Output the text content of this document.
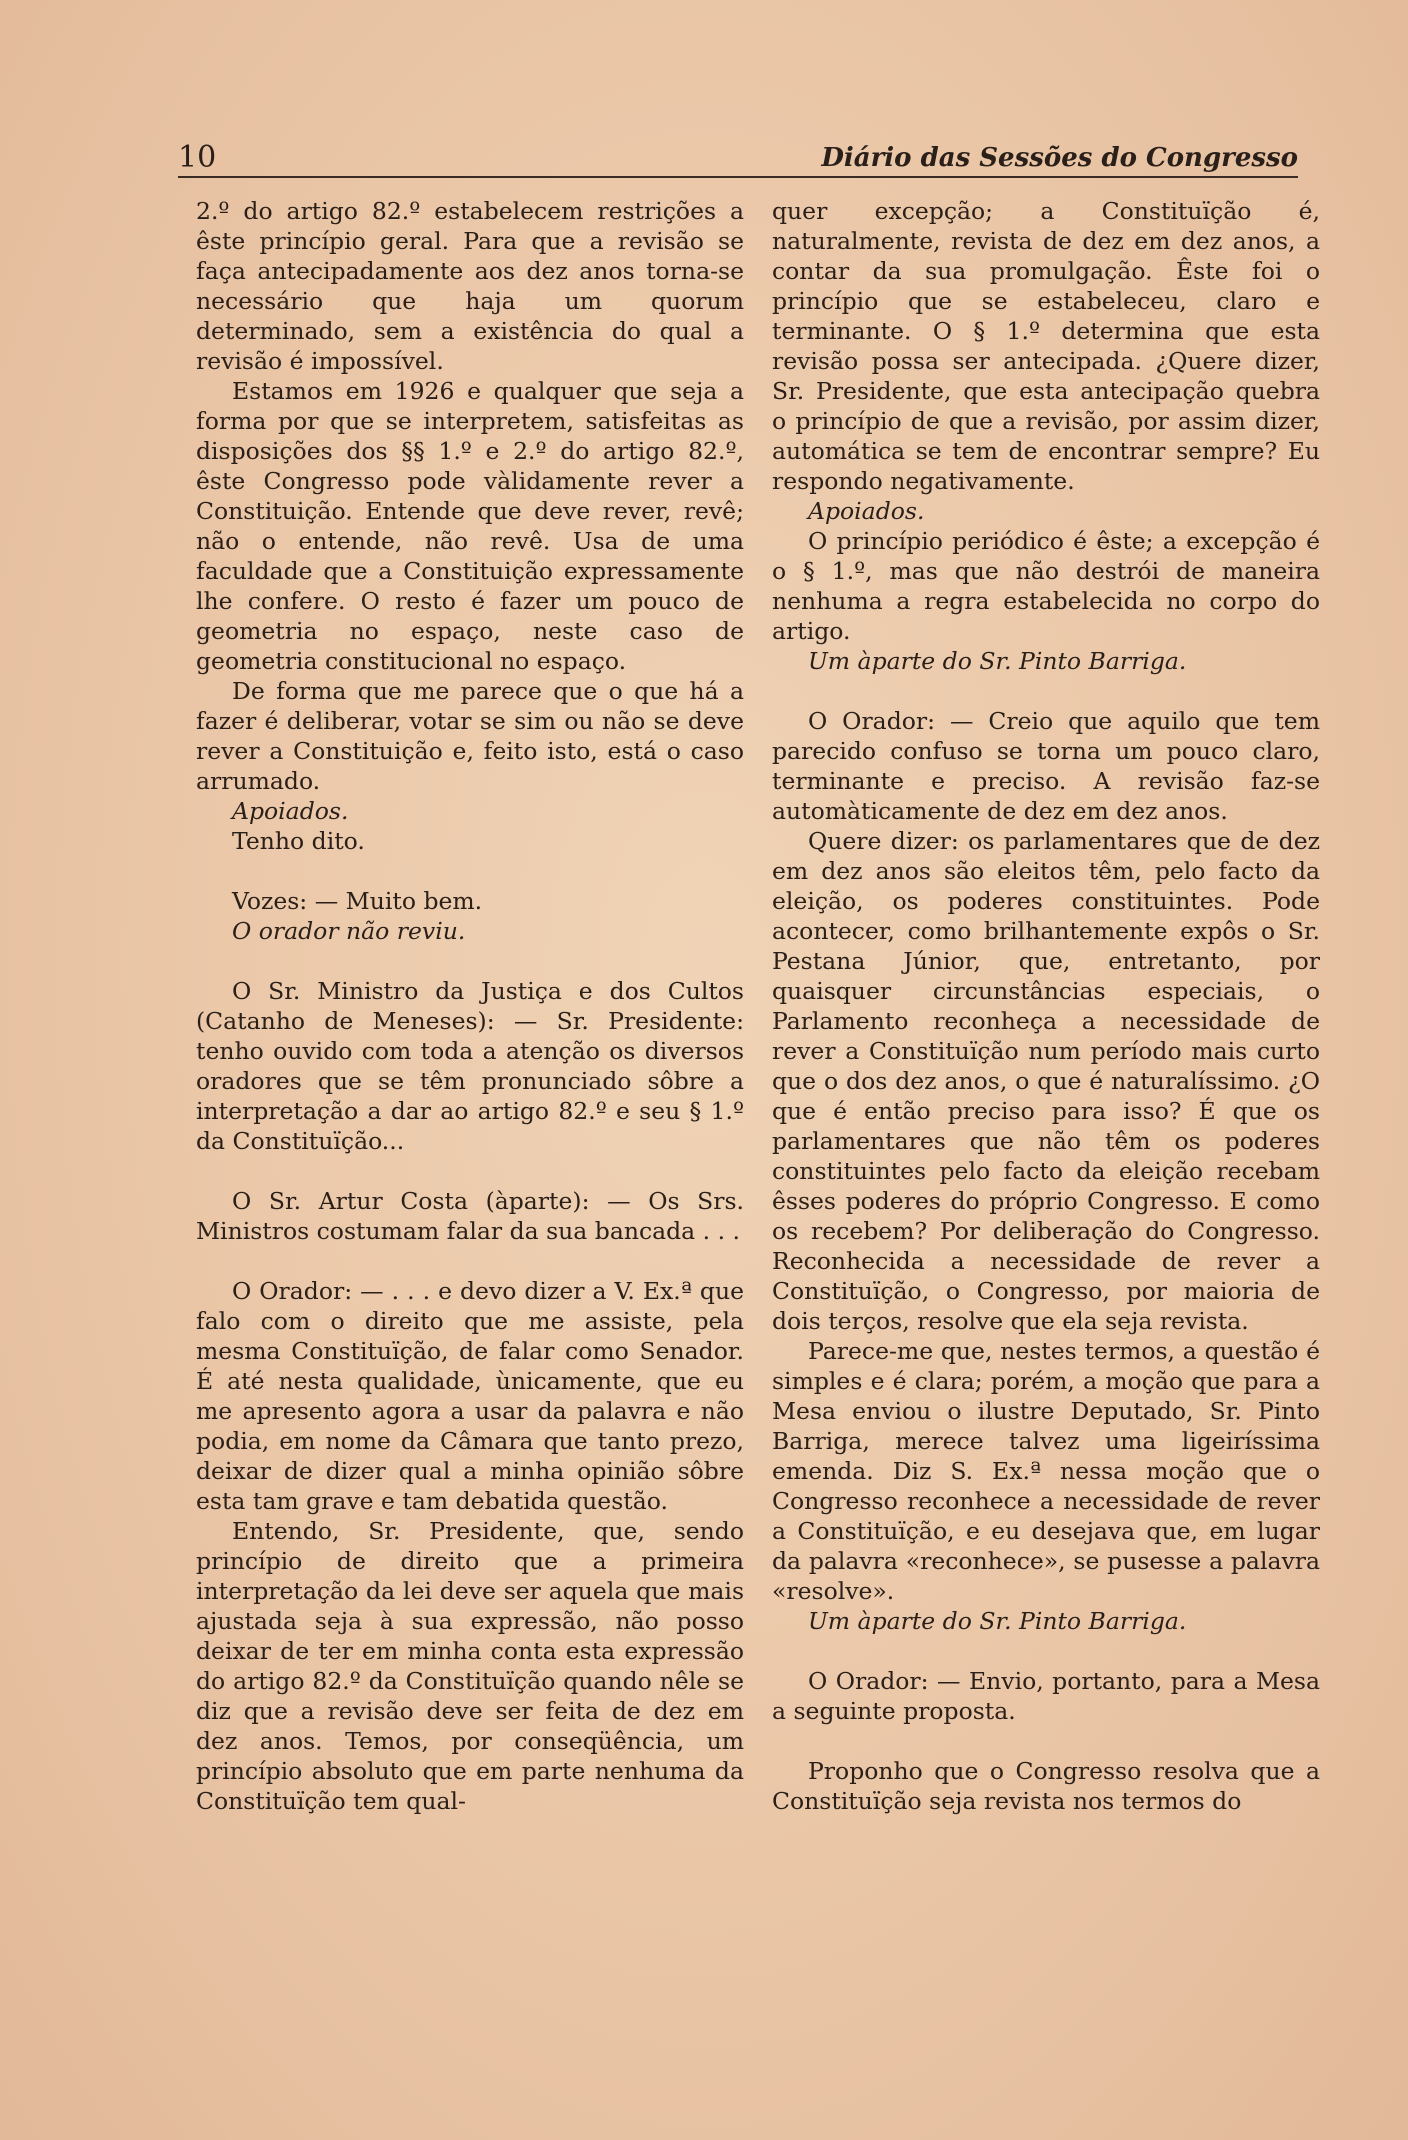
10	Diário das Sessões do Congresso

2.º do artigo 82.º estabelecem restrições a êste princípio geral. Para que a revisão se faça antecipadamente aos dez anos torna-se necessário que haja um quorum determinado, sem a existência do qual a revisão é impossível.

Estamos em 1926 e qualquer que seja a forma por que se interpretem, satisfeitas as disposições dos §§ 1.º e 2.º do artigo 82.º, êste Congresso pode vàlidamente rever a Constituição. Entende que deve rever, revê; não o entende, não revê. Usa de uma faculdade que a Constituição expressamente lhe confere. O resto é fazer um pouco de geometria no espaço, neste caso de geometria constitucional no espaço.

De forma que me parece que o que há a fazer é deliberar, votar se sim ou não se deve rever a Constituição e, feito isto, está o caso arrumado.

Apoiados.

Tenho dito.

Vozes: — Muito bem.

O orador não reviu.

O Sr. Ministro da Justiça e dos Cultos (Catanho de Meneses): — Sr. Presidente: tenho ouvido com toda a atenção os diversos oradores que se têm pronunciado sôbre a interpretação a dar ao artigo 82.º e seu § 1.º da Constituïção...

O Sr. Artur Costa (àparte): — Os Srs. Ministros costumam falar da sua bancada . . .

O Orador: — . . . e devo dizer a V. Ex.ª que falo com o direito que me assiste, pela mesma Constituïção, de falar como Senador. É até nesta qualidade, ùnicamente, que eu me apresento agora a usar da palavra e não podia, em nome da Câmara que tanto prezo, deixar de dizer qual a minha opinião sôbre esta tam grave e tam debatida questão.

Entendo, Sr. Presidente, que, sendo princípio de direito que a primeira interpretação da lei deve ser aquela que mais ajustada seja à sua expressão, não posso deixar de ter em minha conta esta expressão do artigo 82.º da Constituïção quando nêle se diz que a revisão deve ser feita de dez em dez anos. Temos, por conseqüência, um princípio absoluto que em parte nenhuma da Constituïção tem qual-

quer excepção; a Constituïção é, naturalmente, revista de dez em dez anos, a contar da sua promulgação. Êste foi o princípio que se estabeleceu, claro e terminante. O § 1.º determina que esta revisão possa ser antecipada. ¿Quere dizer, Sr. Presidente, que esta antecipação quebra o princípio de que a revisão, por assim dizer, automática se tem de encontrar sempre? Eu respondo negativamente.

Apoiados.

O princípio periódico é êste; a excepção é o § 1.º, mas que não destrói de maneira nenhuma a regra estabelecida no corpo do artigo.

Um àparte do Sr. Pinto Barriga.

O Orador: — Creio que aquilo que tem parecido confuso se torna um pouco claro, terminante e preciso. A revisão faz-se automàticamente de dez em dez anos.

Quere dizer: os parlamentares que de dez em dez anos são eleitos têm, pelo facto da eleição, os poderes constituintes. Pode acontecer, como brilhantemente expôs o Sr. Pestana Júnior, que, entretanto, por quaisquer circunstâncias especiais, o Parlamento reconheça a necessidade de rever a Constituïção num período mais curto que o dos dez anos, o que é naturalíssimo. ¿O que é então preciso para isso? É que os parlamentares que não têm os poderes constituintes pelo facto da eleição recebam êsses poderes do próprio Congresso. E como os recebem? Por deliberação do Congresso. Reconhecida a necessidade de rever a Constituïção, o Congresso, por maioria de dois terços, resolve que ela seja revista.

Parece-me que, nestes termos, a questão é simples e é clara; porém, a moção que para a Mesa enviou o ilustre Deputado, Sr. Pinto Barriga, merece talvez uma ligeiríssima emenda. Diz S. Ex.ª nessa moção que o Congresso reconhece a necessidade de rever a Constituïção, e eu desejava que, em lugar da palavra «reconhece», se pusesse a palavra «resolve».

Um àparte do Sr. Pinto Barriga.

O Orador: — Envio, portanto, para a Mesa a seguinte proposta.

Proponho que o Congresso resolva que a Constituïção seja revista nos termos do
